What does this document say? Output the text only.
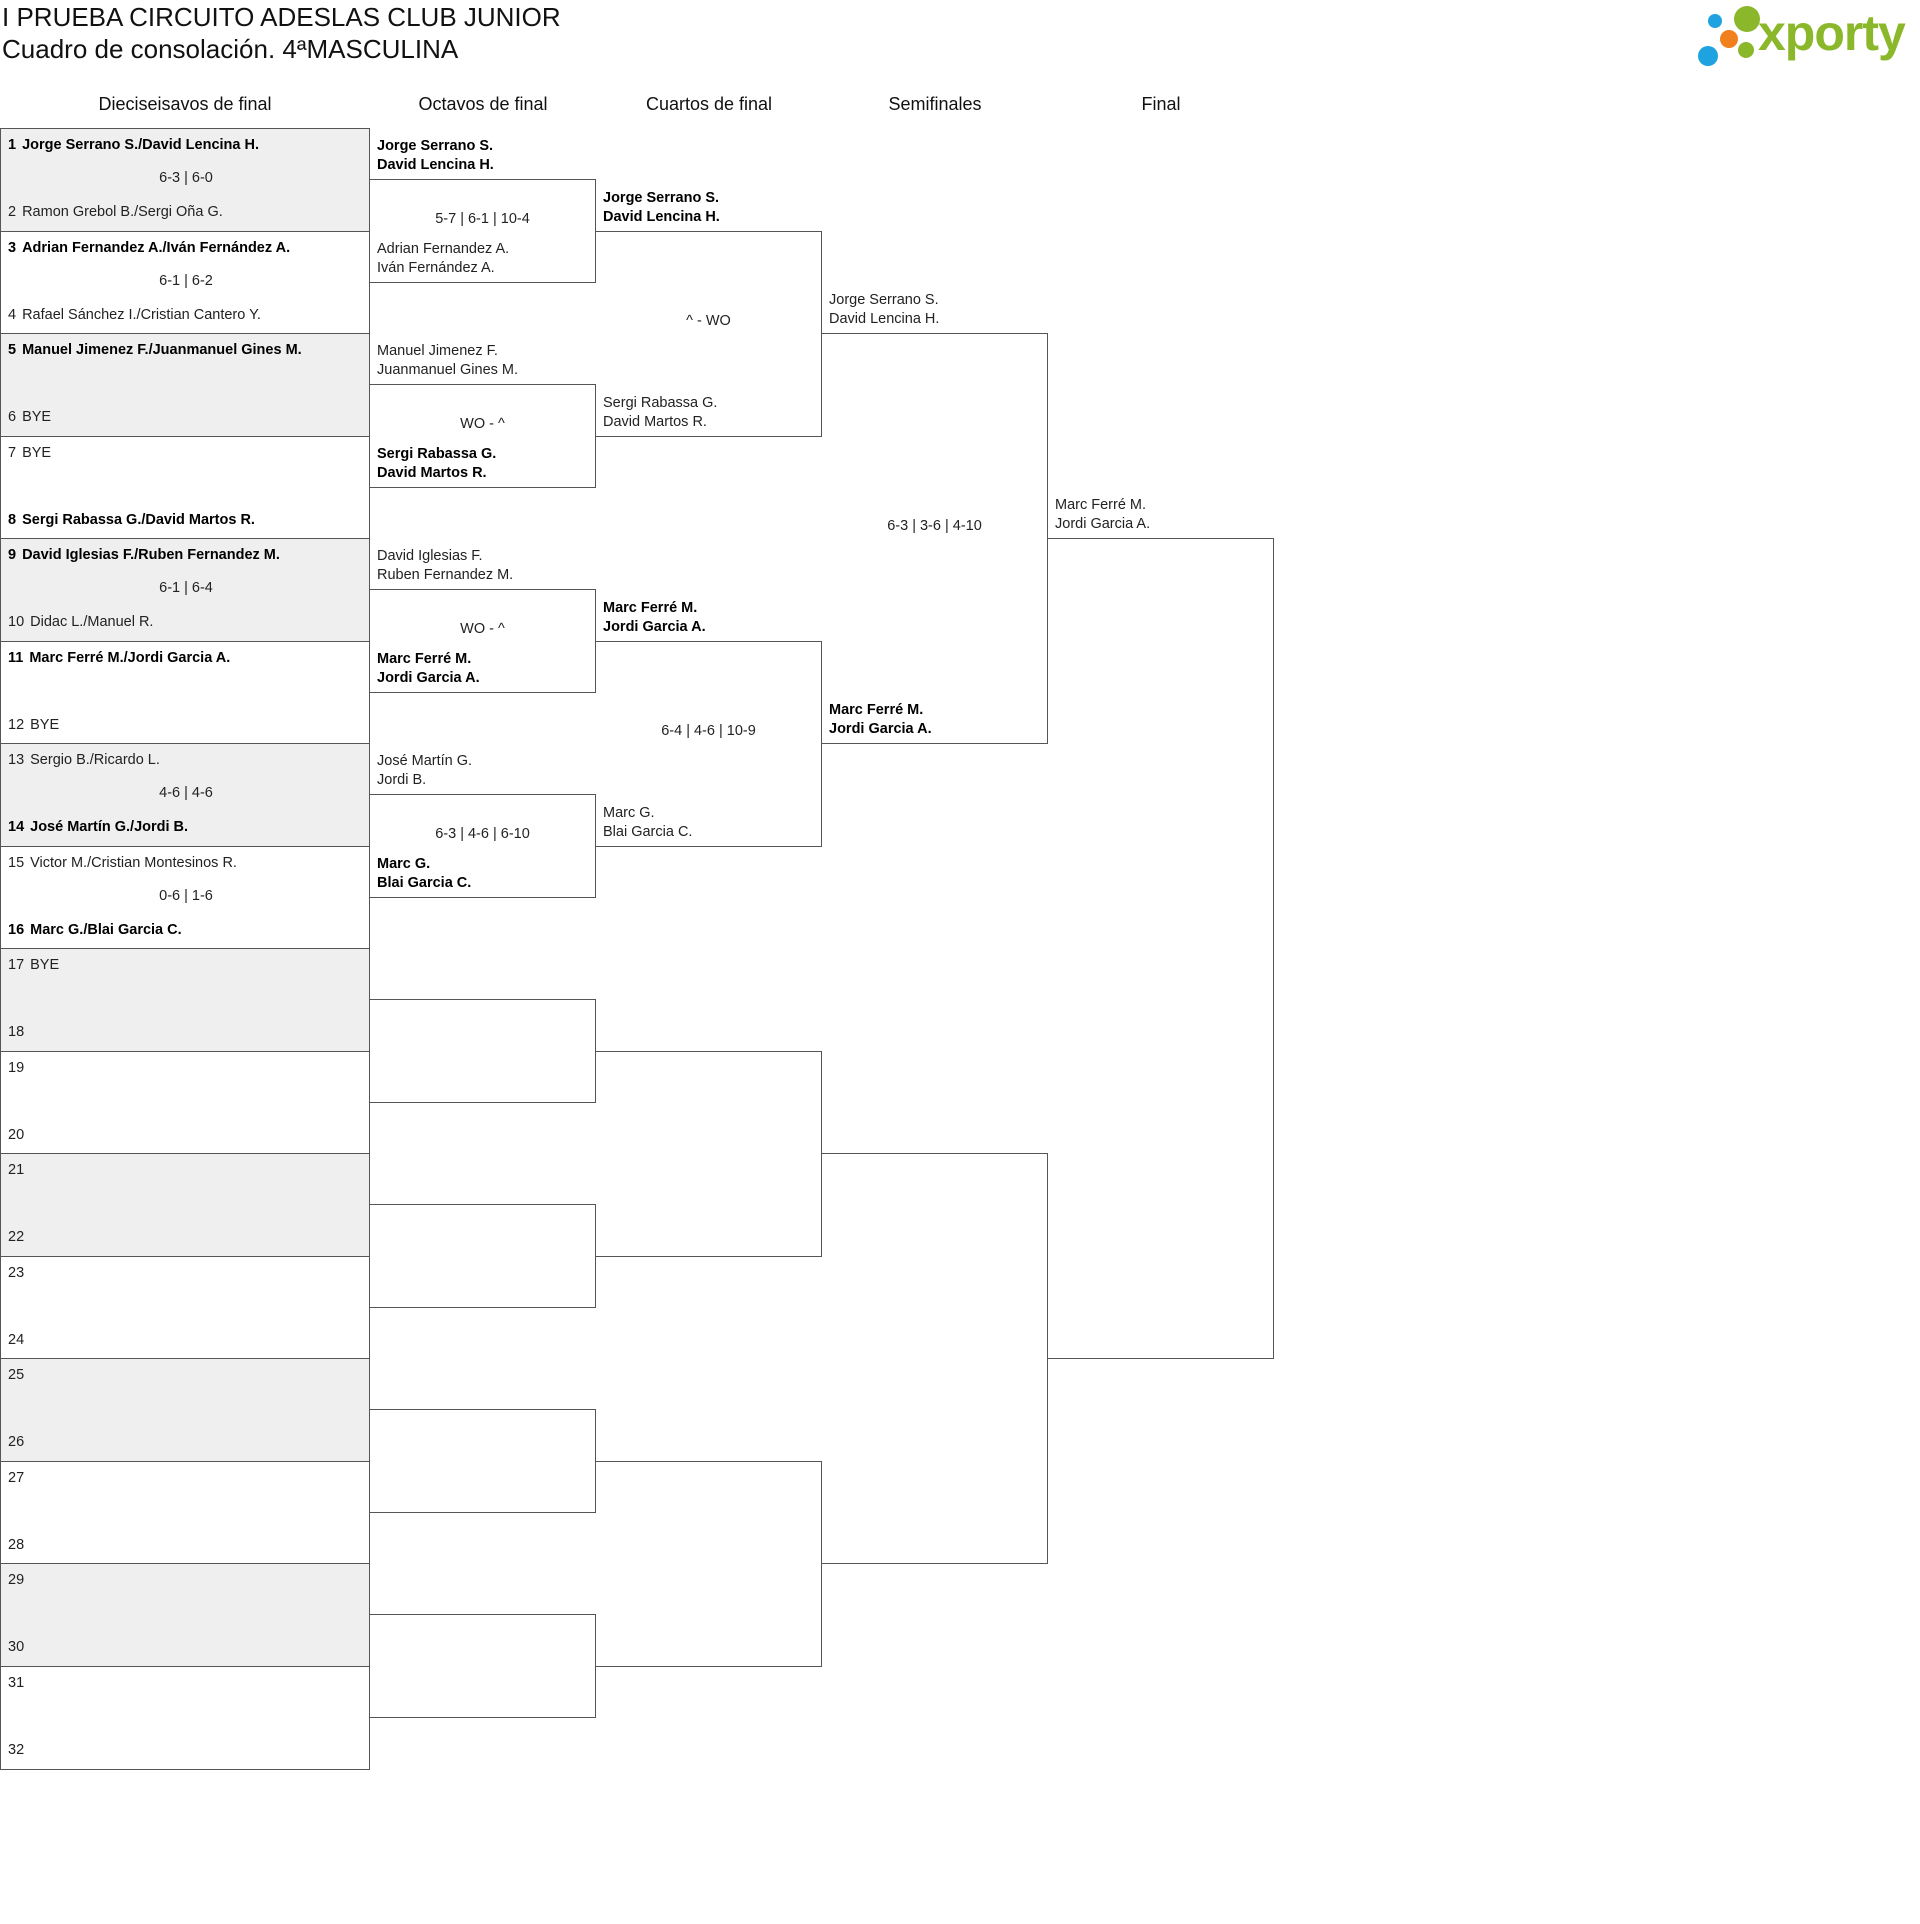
I PRUEBA CIRCUITO ADESLAS CLUB JUNIOR
Cuadro de consolación. 4ªMASCULINA	xporty
Dieciseisavos de final	Octavos de final	Cuartos de final	Semifinales	Final
1 Jorge Serrano S./David Lencina H.
2 Ramon Grebol B./Sergi Oña G.
6-3 | 6-0
3 Adrian Fernandez A./Iván Fernández A.
4 Rafael Sánchez I./Cristian Cantero Y.
6-1 | 6-2
5 Manuel Jimenez F./Juanmanuel Gines M.
6 BYE
7 BYE
8 Sergi Rabassa G./David Martos R.
9 David Iglesias F./Ruben Fernandez M.
10 Didac L./Manuel R.
6-1 | 6-4
11 Marc Ferré M./Jordi Garcia A.
12 BYE
13 Sergio B./Ricardo L.
14 José Martín G./Jordi B.
4-6 | 4-6
15 Victor M./Cristian Montesinos R.
16 Marc G./Blai Garcia C.
0-6 | 1-6
17 BYE
18
19
20
21
22
23
24
25
26
27
28
29
30
31
32
Jorge Serrano S.
David Lencina H.
Adrian Fernandez A.
Iván Fernández A.
5-7 | 6-1 | 10-4
Manuel Jimenez F.
Juanmanuel Gines M.
Sergi Rabassa G.
David Martos R.
WO - ^
David Iglesias F.
Ruben Fernandez M.
Marc Ferré M.
Jordi Garcia A.
WO - ^
José Martín G.
Jordi B.
Marc G.
Blai Garcia C.
6-3 | 4-6 | 6-10
Jorge Serrano S.
David Lencina H.
Sergi Rabassa G.
David Martos R.
^ - WO
Marc Ferré M.
Jordi Garcia A.
Marc G.
Blai Garcia C.
6-4 | 4-6 | 10-9
Jorge Serrano S.
David Lencina H.
Marc Ferré M.
Jordi Garcia A.
6-3 | 3-6 | 4-10
Marc Ferré M.
Jordi Garcia A.
